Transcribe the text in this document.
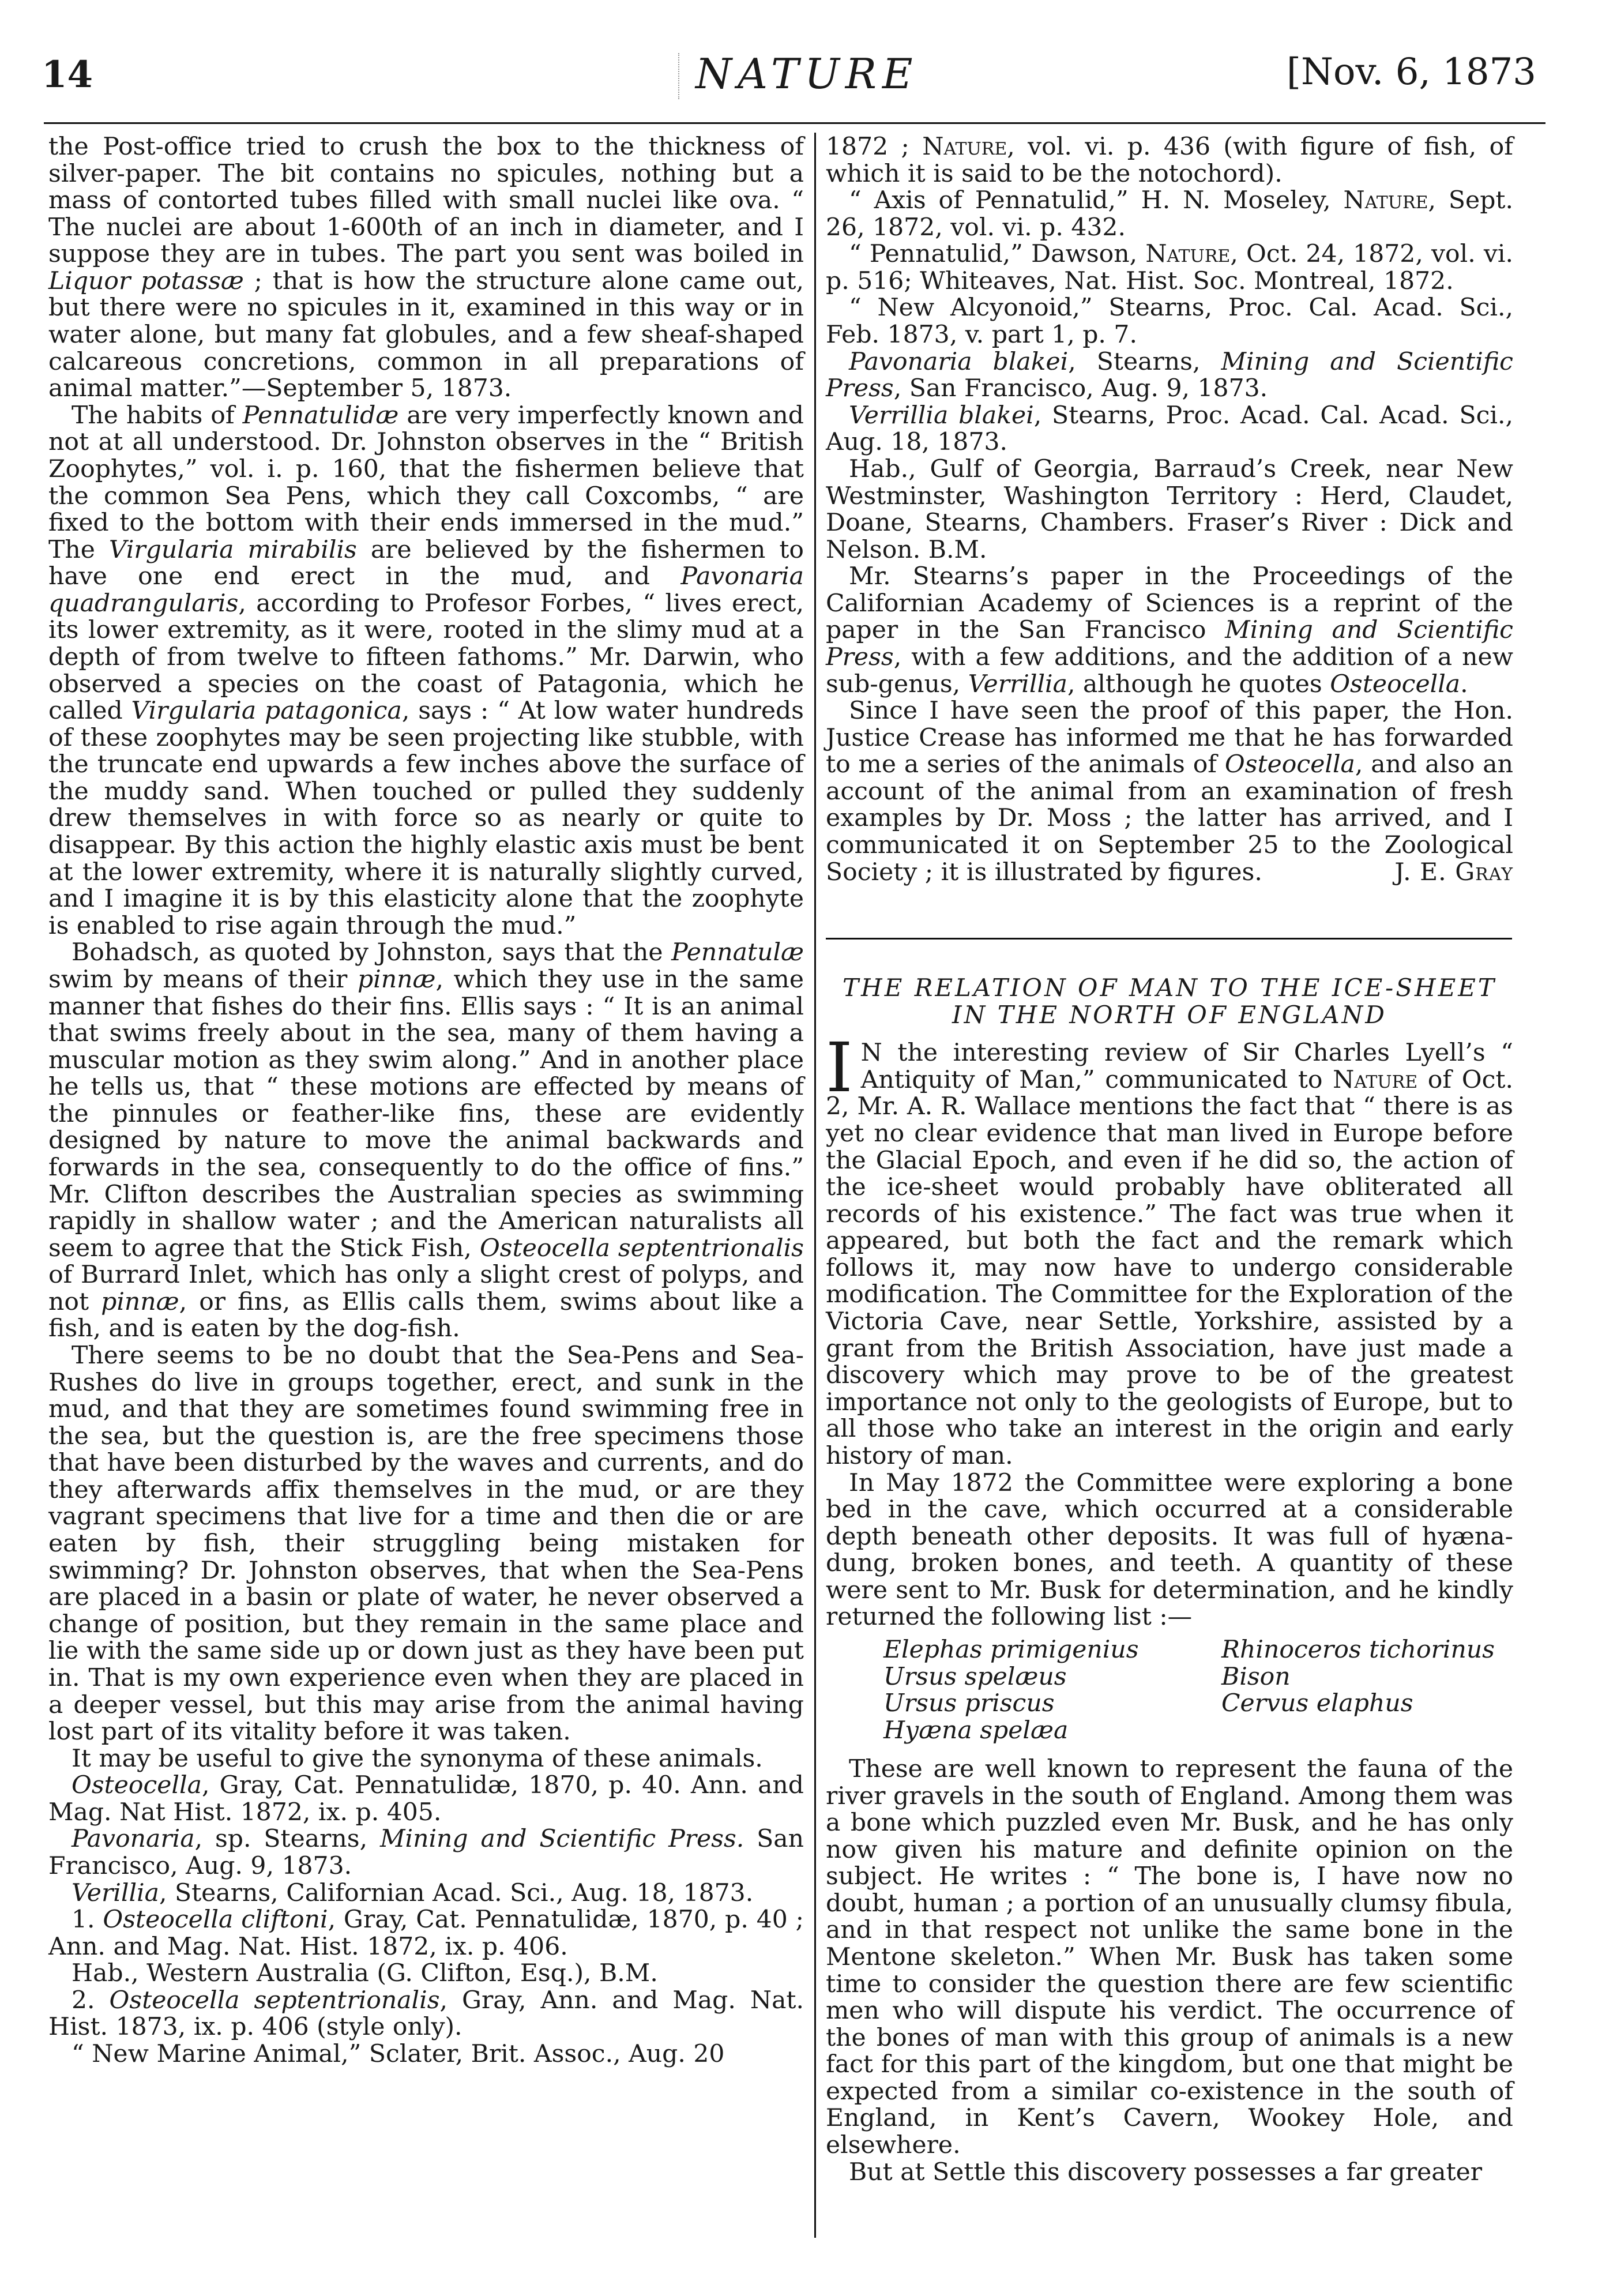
14	NATURE	[Nov. 6, 1873

the Post-office tried to crush the box to the thickness of silver-paper. The bit contains no spicules, nothing but a mass of contorted tubes filled with small nuclei like ova. “ The nuclei are about 1-600th of an inch in diameter, and I suppose they are in tubes. The part you sent was boiled in Liquor potassæ ; that is how the structure alone came out, but there were no spicules in it, examined in this way or in water alone, but many fat globules, and a few sheaf-shaped calcareous concretions, common in all preparations of animal matter.”—September 5, 1873.

The habits of Pennatulidæ are very imperfectly known and not at all understood. Dr. Johnston observes in the “ British Zoophytes,” vol. i. p. 160, that the fishermen believe that the common Sea Pens, which they call Coxcombs, “ are fixed to the bottom with their ends immersed in the mud.” The Virgularia mirabilis are believed by the fishermen to have one end erect in the mud, and Pavonaria quadrangularis, according to Profesor Forbes, “ lives erect, its lower extremity, as it were, rooted in the slimy mud at a depth of from twelve to fifteen fathoms.” Mr. Darwin, who observed a species on the coast of Patagonia, which he called Virgularia patagonica, says : “ At low water hundreds of these zoophytes may be seen projecting like stubble, with the truncate end upwards a few inches above the surface of the muddy sand. When touched or pulled they suddenly drew themselves in with force so as nearly or quite to disappear. By this action the highly elastic axis must be bent at the lower extremity, where it is naturally slightly curved, and I imagine it is by this elasticity alone that the zoophyte is enabled to rise again through the mud.”

Bohadsch, as quoted by Johnston, says that the Pennatulæ swim by means of their pinnæ, which they use in the same manner that fishes do their fins. Ellis says : “ It is an animal that swims freely about in the sea, many of them having a muscular motion as they swim along.” And in another place he tells us, that “ these motions are effected by means of the pinnules or feather-like fins, these are evidently designed by nature to move the animal backwards and forwards in the sea, consequently to do the office of fins.” Mr. Clifton describes the Australian species as swimming rapidly in shallow water ; and the American naturalists all seem to agree that the Stick Fish, Osteocella septentrionalis of Burrard Inlet, which has only a slight crest of polyps, and not pinnæ, or fins, as Ellis calls them, swims about like a fish, and is eaten by the dog-fish.

There seems to be no doubt that the Sea-Pens and Sea-Rushes do live in groups together, erect, and sunk in the mud, and that they are sometimes found swimming free in the sea, but the question is, are the free specimens those that have been disturbed by the waves and currents, and do they afterwards affix themselves in the mud, or are they vagrant specimens that live for a time and then die or are eaten by fish, their struggling being mistaken for swimming? Dr. Johnston observes, that when the Sea-Pens are placed in a basin or plate of water, he never observed a change of position, but they remain in the same place and lie with the same side up or down just as they have been put in. That is my own experience even when they are placed in a deeper vessel, but this may arise from the animal having lost part of its vitality before it was taken.

It may be useful to give the synonyma of these animals.

Osteocella, Gray, Cat. Pennatulidæ, 1870, p. 40. Ann. and Mag. Nat Hist. 1872, ix. p. 405.

Pavonaria, sp. Stearns, Mining and Scientific Press. San Francisco, Aug. 9, 1873.

Verillia, Stearns, Californian Acad. Sci., Aug. 18, 1873.

1. Osteocella cliftoni, Gray, Cat. Pennatulidæ, 1870, p. 40 ; Ann. and Mag. Nat. Hist. 1872, ix. p. 406.

Hab., Western Australia (G. Clifton, Esq.), B.M.

2. Osteocella septentrionalis, Gray, Ann. and Mag. Nat. Hist. 1873, ix. p. 406 (style only).

“ New Marine Animal,” Sclater, Brit. Assoc., Aug. 20

1872 ; Nature, vol. vi. p. 436 (with figure of fish, of which it is said to be the notochord).

“ Axis of Pennatulid,” H. N. Moseley, Nature, Sept. 26, 1872, vol. vi. p. 432.

“ Pennatulid,” Dawson, Nature, Oct. 24, 1872, vol. vi. p. 516; Whiteaves, Nat. Hist. Soc. Montreal, 1872.

“ New Alcyonoid,” Stearns, Proc. Cal. Acad. Sci., Feb. 1873, v. part 1, p. 7.

Pavonaria blakei, Stearns, Mining and Scientific Press, San Francisco, Aug. 9, 1873.

Verrillia blakei, Stearns, Proc. Acad. Cal. Acad. Sci., Aug. 18, 1873.

Hab., Gulf of Georgia, Barraud’s Creek, near New Westminster, Washington Territory : Herd, Claudet, Doane, Stearns, Chambers. Fraser’s River : Dick and Nelson. B.M.

Mr. Stearns’s paper in the Proceedings of the Californian Academy of Sciences is a reprint of the paper in the San Francisco Mining and Scientific Press, with a few additions, and the addition of a new sub-genus, Verrillia, although he quotes Osteocella.

Since I have seen the proof of this paper, the Hon. Justice Crease has informed me that he has forwarded to me a series of the animals of Osteocella, and also an account of the animal from an examination of fresh examples by Dr. Moss ; the latter has arrived, and I communicated it on September 25 to the Zoological Society ; it is illustrated by figures.	J. E. Gray

THE RELATION OF MAN TO THE ICE-SHEET IN THE NORTH OF ENGLAND

I N the interesting review of Sir Charles Lyell’s “ Antiquity of Man,” communicated to Nature of Oct. 2, Mr. A. R. Wallace mentions the fact that “ there is as yet no clear evidence that man lived in Europe before the Glacial Epoch, and even if he did so, the action of the ice-sheet would probably have obliterated all records of his existence.” The fact was true when it appeared, but both the fact and the remark which follows it, may now have to undergo considerable modification. The Committee for the Exploration of the Victoria Cave, near Settle, Yorkshire, assisted by a grant from the British Association, have just made a discovery which may prove to be of the greatest importance not only to the geologists of Europe, but to all those who take an interest in the origin and early history of man.

In May 1872 the Committee were exploring a bone bed in the cave, which occurred at a considerable depth beneath other deposits. It was full of hyæna-dung, broken bones, and teeth. A quantity of these were sent to Mr. Busk for determination, and he kindly returned the following list :—

Elephas primigenius	Rhinoceros tichorinus
Ursus spelæus	Bison
Ursus priscus	Cervus elaphus
Hyæna spelæa

These are well known to represent the fauna of the river gravels in the south of England. Among them was a bone which puzzled even Mr. Busk, and he has only now given his mature and definite opinion on the subject. He writes : “ The bone is, I have now no doubt, human ; a portion of an unusually clumsy fibula, and in that respect not unlike the same bone in the Mentone skeleton.” When Mr. Busk has taken some time to consider the question there are few scientific men who will dispute his verdict. The occurrence of the bones of man with this group of animals is a new fact for this part of the kingdom, but one that might be expected from a similar co-existence in the south of England, in Kent’s Cavern, Wookey Hole, and elsewhere.

But at Settle this discovery possesses a far greater
